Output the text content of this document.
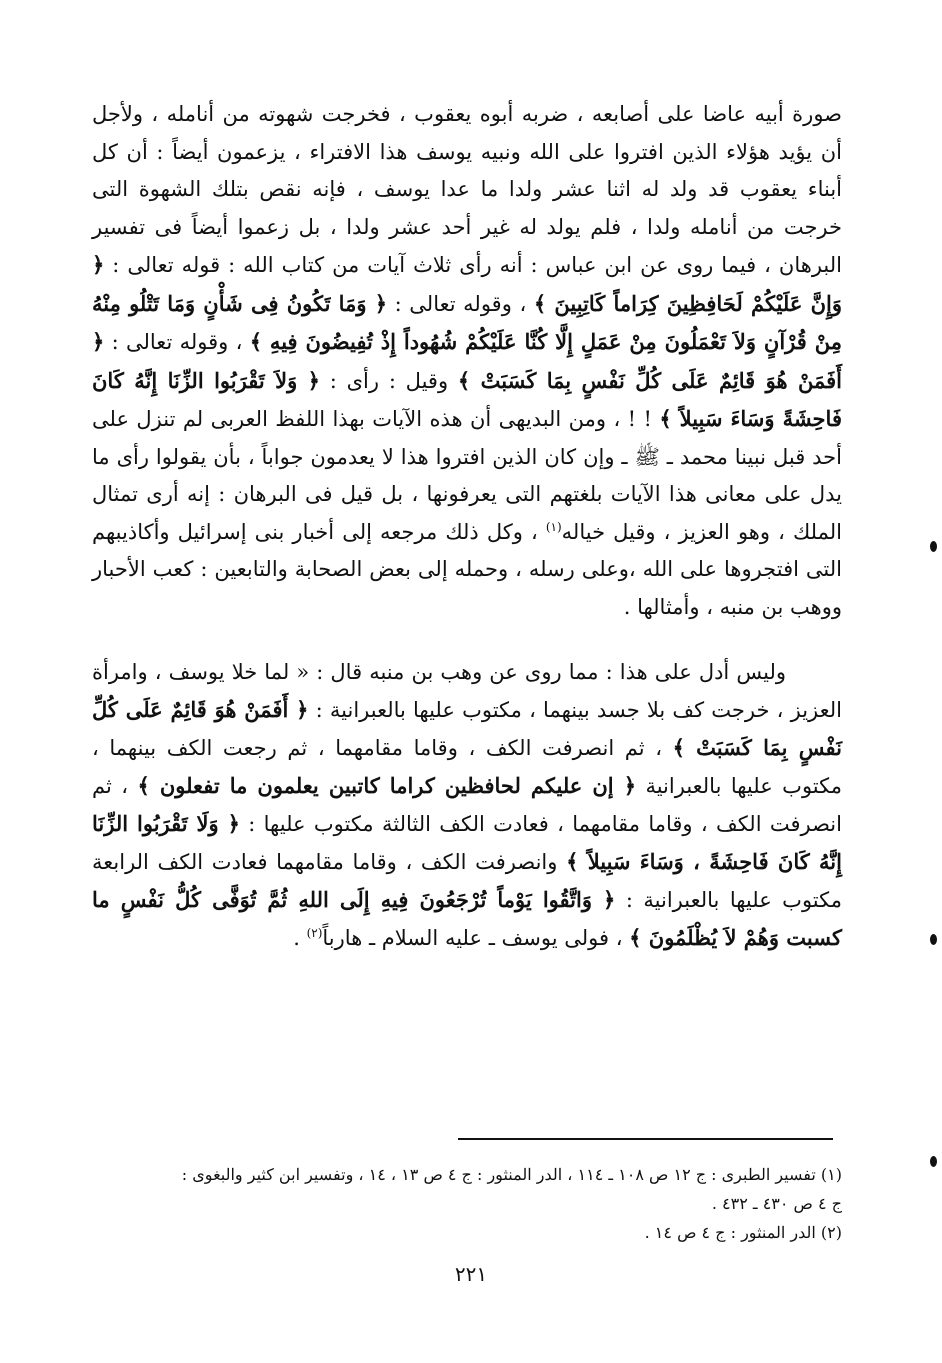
صورة أبيه عاضا على أصابعه ، ضربه أبوه يعقوب ، فخرجت شهوته من أنامله ، ولأجل أن يؤيد هؤلاء الذين افتروا على الله ونبيه يوسف هذا الافتراء ، يزعمون أيضاً : أن كل أبناء يعقوب قد ولد له اثنا عشر ولدا ما عدا يوسف ، فإنه نقص بتلك الشهوة التى خرجت من أنامله ولدا ، فلم يولد له غير أحد عشر ولدا ، بل زعموا أيضاً فى تفسير البرهان ، فيما روى عن ابن عباس : أنه رأى ثلاث آيات من كتاب الله : قوله تعالى : ﴿ وَإِنَّ عَلَيْكُمْ لَحَافِظِينَ كِرَاماً كَاتِبِينَ ﴾ ، وقوله تعالى : ﴿ وَمَا تَكُونُ فِى شَأْنٍ وَمَا تَتْلُو مِنْهُ مِنْ قُرْآنٍ وَلاَ تَعْمَلُونَ مِنْ عَمَلٍ إِلَّا كُنَّا عَلَيْكُمْ شُهُوداً إِذْ تُفِيضُونَ فِيهِ ﴾ ، وقوله تعالى : ﴿ أَفَمَنْ هُوَ قَائِمٌ عَلَى كُلِّ نَفْسٍ بِمَا كَسَبَتْ ﴾ وقيل : رأى : ﴿ وَلاَ تَقْرَبُوا الزِّنَا إِنَّهُ كَانَ فَاحِشَةً وَسَاءَ سَبِيلاً ﴾ ! ! ، ومن البديهى أن هذه الآيات بهذا اللفظ العربى لم تنزل على أحد قبل نبينا محمد ـ ﷺ ـ وإن كان الذين افتروا هذا لا يعدمون جواباً ، بأن يقولوا رأى ما يدل على معانى هذا الآيات بلغتهم التى يعرفونها ، بل قيل فى البرهان : إنه أرى تمثال الملك ، وهو العزيز ، وقيل خياله$^{(١)}$ ، وكل ذلك مرجعه إلى أخبار بنى إسرائيل وأكاذيبهم التى افتجروها على الله ،وعلى رسله ، وحمله إلى بعض الصحابة والتابعين : كعب الأحبار ووهب بن منبه ، وأمثالها .

وليس أدل على هذا : مما روى عن وهب بن منبه قال : « لما خلا يوسف ، وامرأة العزيز ، خرجت كف بلا جسد بينهما ، مكتوب عليها بالعبرانية : ﴿ أَفَمَنْ هُوَ قَائِمٌ عَلَى كُلِّ نَفْسٍ بِمَا كَسَبَتْ ﴾ ، ثم انصرفت الكف ، وقاما مقامهما ، ثم رجعت الكف بينهما ، مكتوب عليها بالعبرانية ﴿ إن عليكم لحافظين كراما كاتبين يعلمون ما تفعلون ﴾ ، ثم انصرفت الكف ، وقاما مقامهما ، فعادت الكف الثالثة مكتوب عليها : ﴿ وَلَا تَقْرَبُوا الزِّنَا إِنَّهُ كَانَ فَاحِشَةً ، وَسَاءَ سَبِيلاً ﴾ وانصرفت الكف ، وقاما مقامهما فعادت الكف الرابعة مكتوب عليها بالعبرانية : ﴿ وَاتَّقُوا يَوْماً تُرْجَعُونَ فِيهِ إِلَى اللهِ ثُمَّ تُوَفَّى كُلُّ نَفْسٍ ما كسبت وَهُمْ لاَ يُظْلَمُونَ ﴾ ، فولى يوسف ـ عليه السلام ـ هارباً$^{(٢)}$ .

(١) تفسير الطبرى : ج ١٢ ص ١٠٨ ـ ١١٤ ، الدر المنثور : ج ٤ ص ١٣ ، ١٤ ، وتفسير ابن كثير والبغوى :

ج ٤ ص ٤٣٠ ـ ٤٣٢ .

(٢) الدر المنثور : ج ٤ ص ١٤ .

٢٢١
